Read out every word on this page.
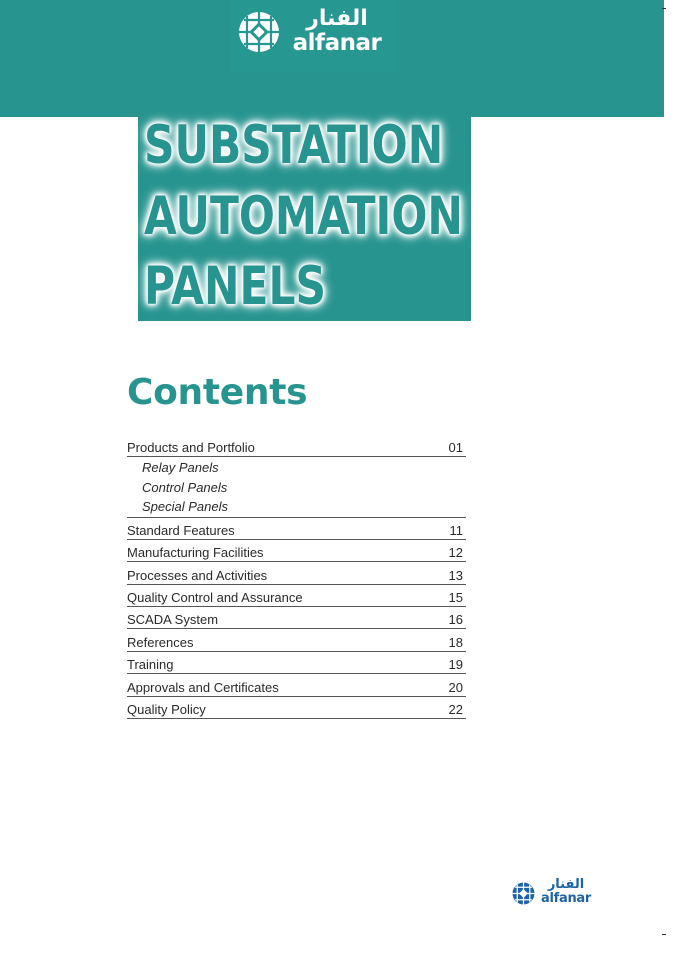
الفنار
alfanar
SUBSTATION
AUTOMATION
PANELS
Contents
Products and Portfolio	01
Relay Panels
Control Panels
Special Panels
Standard Features	11
Manufacturing Facilities	12
Processes and Activities	13
Quality Control and Assurance	15
SCADA System	16
References	18
Training	19
Approvals and Certificates	20
Quality Policy	22
الفنار
alfanar
